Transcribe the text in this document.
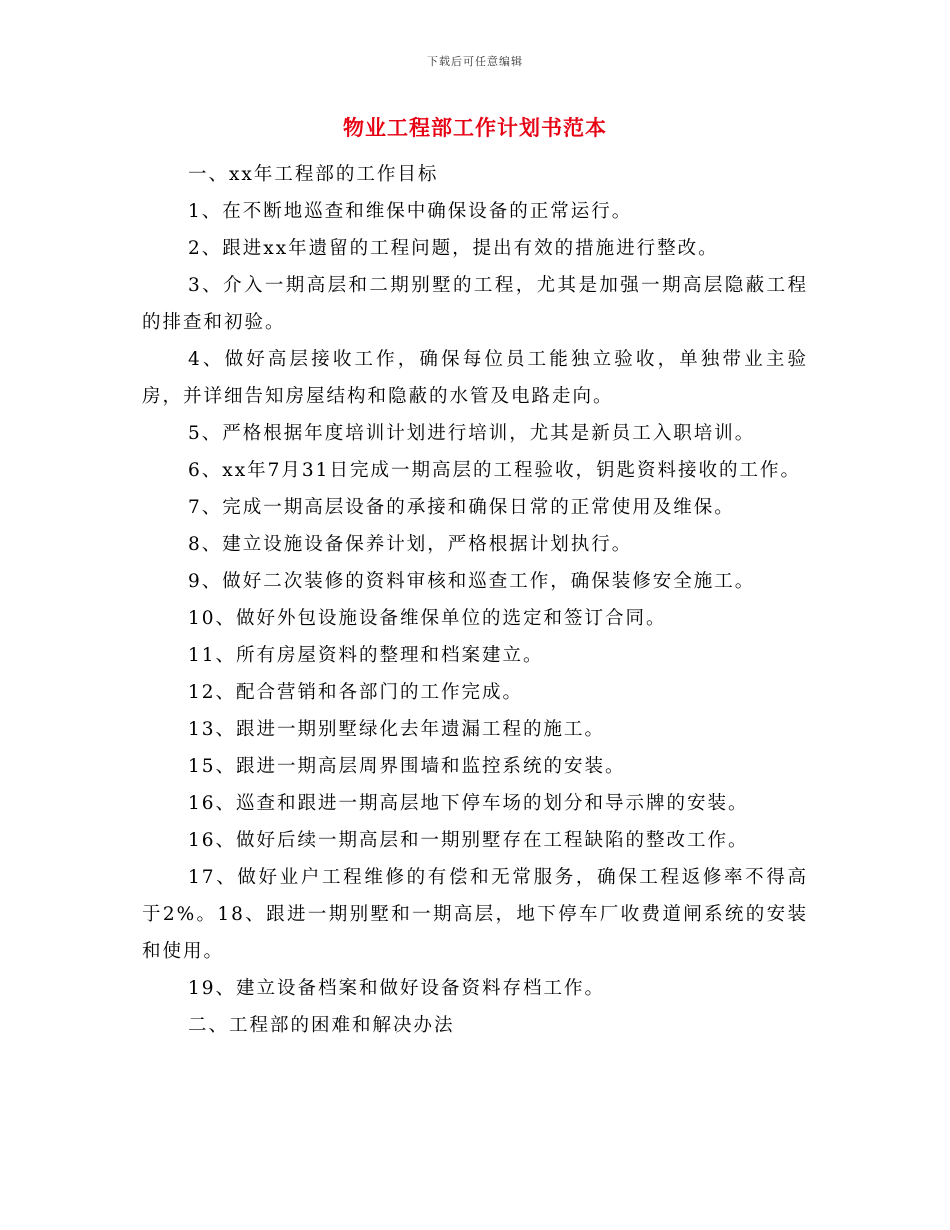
下载后可任意编辑
物业工程部工作计划书范本

一、xx年工程部的工作目标

1、在不断地巡查和维保中确保设备的正常运行。

2、跟进xx年遗留的工程问题，提出有效的措施进行整改。

3、介入一期高层和二期别墅的工程，尤其是加强一期高层隐蔽工程的排查和初验。

4、做好高层接收工作，确保每位员工能独立验收，单独带业主验房，并详细告知房屋结构和隐蔽的水管及电路走向。

5、严格根据年度培训计划进行培训，尤其是新员工入职培训。

6、xx年7月31日完成一期高层的工程验收，钥匙资料接收的工作。

7、完成一期高层设备的承接和确保日常的正常使用及维保。

8、建立设施设备保养计划，严格根据计划执行。

9、做好二次装修的资料审核和巡查工作，确保装修安全施工。

10、做好外包设施设备维保单位的选定和签订合同。

11、所有房屋资料的整理和档案建立。

12、配合营销和各部门的工作完成。

13、跟进一期别墅绿化去年遗漏工程的施工。

15、跟进一期高层周界围墙和监控系统的安装。

16、巡查和跟进一期高层地下停车场的划分和导示牌的安装。

16、做好后续一期高层和一期别墅存在工程缺陷的整改工作。

17、做好业户工程维修的有偿和无常服务，确保工程返修率不得高于2%。18、跟进一期别墅和一期高层，地下停车厂收费道闸系统的安装和使用。

19、建立设备档案和做好设备资料存档工作。

二、工程部的困难和解决办法
